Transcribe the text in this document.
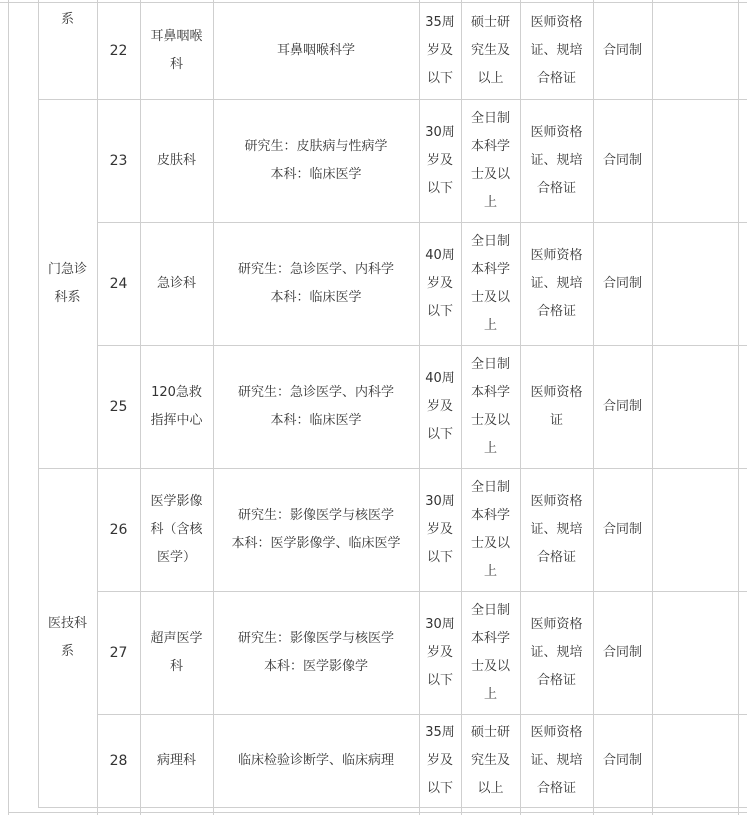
系
门急诊
科系
医技科
系
22
耳鼻咽喉
科
耳鼻咽喉科学
35周
岁及
以下
硕士研
究生及
以上
医师资格
证、规培
合格证
合同制
23 皮肤科
研究生：皮肤病与性病学
本科：临床医学
30周
岁及
以下
全日制
本科学
士及以
上
医师资格
证、规培
合格证
合同制
24 急诊科
研究生：急诊医学、内科学
本科：临床医学
40周
岁及
以下
全日制
本科学
士及以
上
医师资格
证、规培
合格证
合同制
25
120急救
指挥中心
研究生：急诊医学、内科学
本科：临床医学
40周
岁及
以下
全日制
本科学
士及以
上
医师资格
证
合同制
26
医学影像
科（含核
医学）
研究生：影像医学与核医学
本科：医学影像学、临床医学
30周
岁及
以下
全日制
本科学
士及以
上
医师资格
证、规培
合格证
合同制
27
超声医学
科
研究生：影像医学与核医学
本科：医学影像学
30周
岁及
以下
全日制
本科学
士及以
上
医师资格
证、规培
合格证
合同制
28 病理科	临床检验诊断学、临床病理
35周
岁及
以下
硕士研
究生及
以上
医师资格
证、规培
合格证
合同制
